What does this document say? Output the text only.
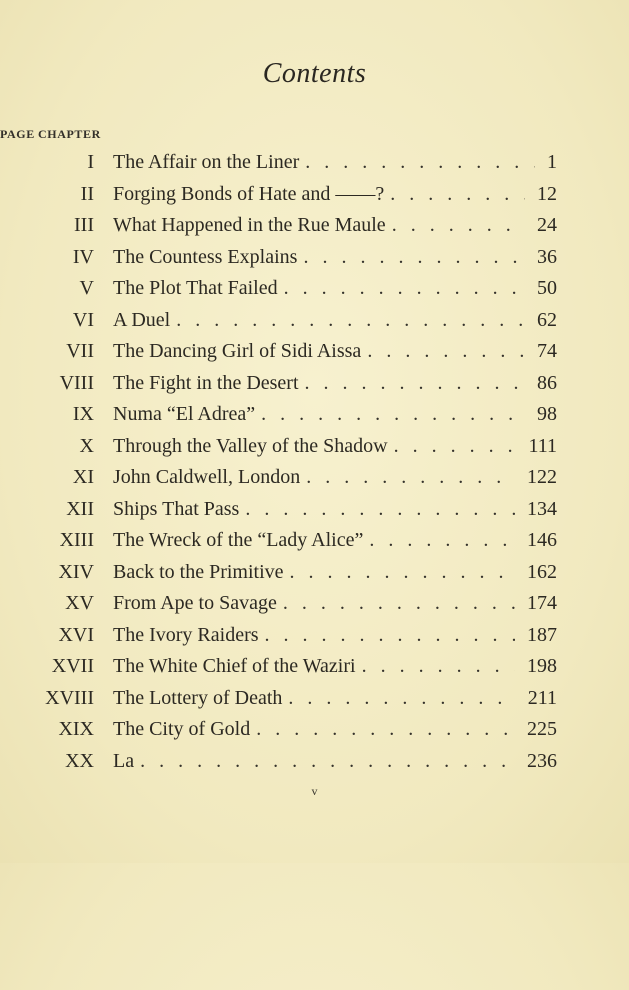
Contents
CHAPTER
PAGE
I The Affair on the Liner . . .	1
II Forging Bonds of Hate and ——? . . .	12
III What Happened in the Rue Maule . . .	24
IV The Countess Explains . . .	36
V The Plot That Failed . . .	50
VI A Duel . . .	62
VII The Dancing Girl of Sidi Aissa . . .	74
VIII The Fight in the Desert . . .	86
IX Numa “El Adrea” . . .	98
X Through the Valley of the Shadow . . .	111
XI John Caldwell, London . . .	122
XII Ships That Pass . . .	134
XIII The Wreck of the “Lady Alice” . . .	146
XIV Back to the Primitive . . .	162
XV From Ape to Savage . . .	174
XVI The Ivory Raiders . . .	187
XVII The White Chief of the Waziri . . .	198
XVIII The Lottery of Death . . .	211
XIX The City of Gold . . .	225
XX La . . .	236
v
